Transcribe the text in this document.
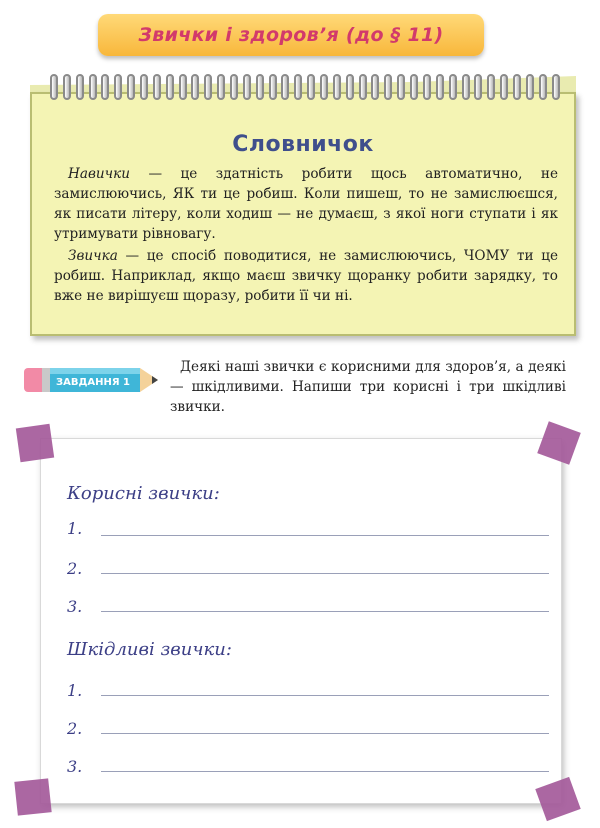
Звички і здоров’я (до § 11)
Словничок
Навички — це здатність робити щось автоматично, не замислюючись, ЯК ти це робиш. Коли пишеш, то не замислюєшся, як писати літеру, коли ходиш — не думаєш, з якої ноги ступати і як утримувати рівновагу.
Звичка — це спосіб поводитися, не замислюючись, ЧОМУ ти це робиш. Наприклад, якщо маєш звичку щоранку робити зарядку, то вже не вирішуєш щоразу, робити її чи ні.
ЗАВДАННЯ 1
Деякі наші звички є корисними для здоров’я, а деякі — шкідливими. Напиши три корисні і три шкідливі звички.
Корисні звички:
1.
2.
3.
Шкідливі звички:
1.
2.
3.
